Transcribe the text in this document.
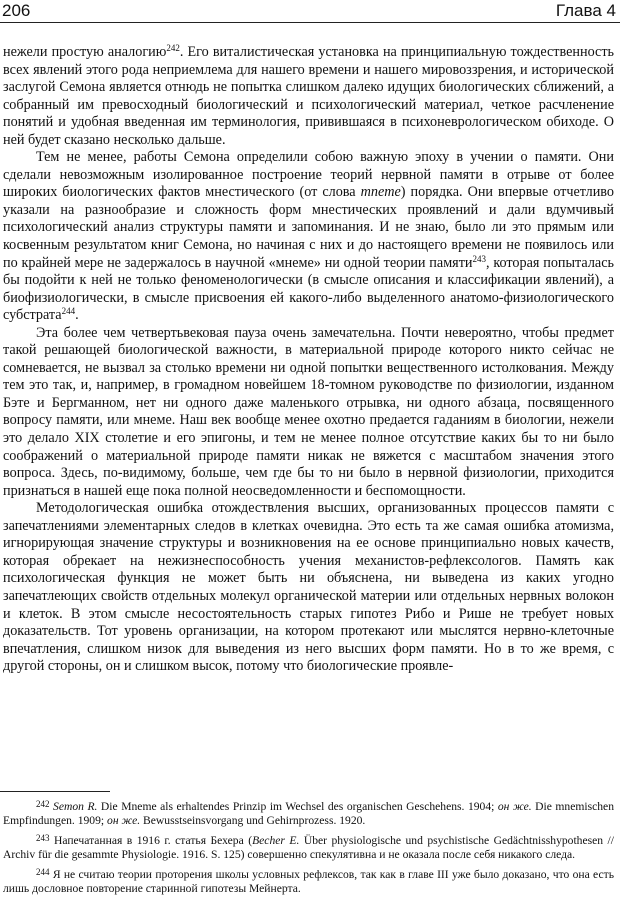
206	Глава 4

нежели простую аналогию$^{242}$. Его виталистическая установка на принципиальную тождественность всех явлений этого рода неприемлема для нашего времени и нашего мировоззрения, и исторической заслугой Семона является отнюдь не попытка слишком далеко идущих биологических сближений, а собранный им превосходный биологический и психологический материал, четкое расчленение понятий и удобная введенная им терминология, привившаяся в психоневрологическом обиходе. О ней будет сказано несколько дальше.

Тем не менее, работы Семона определили собою важную эпоху в учении о памяти. Они сделали невозможным изолированное построение теорий нервной памяти в отрыве от более широких биологических фактов мнестического (от слова mneme) порядка. Они впервые отчетливо указали на разнообразие и сложность форм мнестических проявлений и дали вдумчивый психологический анализ структуры памяти и запоминания. И не знаю, было ли это прямым или косвенным результатом книг Семона, но начиная с них и до настоящего времени не появилось или по крайней мере не задержалось в научной «мнеме» ни одной теории памяти$^{243}$, которая попыталась бы подойти к ней не только феноменологически (в смысле описания и классификации явлений), а биофизиологически, в смысле присвоения ей какого-либо выделенного анатомо-физиологического субстрата$^{244}$.

Эта более чем четвертьвековая пауза очень замечательна. Почти невероятно, чтобы предмет такой решающей биологической важности, в материальной природе которого никто сейчас не сомневается, не вызвал за столько времени ни одной попытки вещественного истолкования. Между тем это так, и, например, в громадном новейшем 18-томном руководстве по физиологии, изданном Бэте и Бергманном, нет ни одного даже маленького отрывка, ни одного абзаца, посвященного вопросу памяти, или мнеме. Наш век вообще менее охотно предается гаданиям в биологии, нежели это делало XIX столетие и его эпигоны, и тем не менее полное отсутствие каких бы то ни было соображений о материальной природе памяти никак не вяжется с масштабом значения этого вопроса. Здесь, по-видимому, больше, чем где бы то ни было в нервной физиологии, приходится признаться в нашей еще пока полной неосведомленности и беспомощности.

Методологическая ошибка отождествления высших, организованных процессов памяти с запечатлениями элементарных следов в клетках очевидна. Это есть та же самая ошибка атомизма, игнорирующая значение структуры и возникновения на ее основе принципиально новых качеств, которая обрекает на нежизнеспособность учения механистов-рефлексологов. Память как психологическая функция не может быть ни объяснена, ни выведена из каких угодно запечатлеющих свойств отдельных молекул органической материи или отдельных нервных волокон и клеток. В этом смысле несостоятельность старых гипотез Рибо и Рише не требует новых доказательств. Тот уровень организации, на котором протекают или мыслятся нервно-клеточные впечатления, слишком низок для выведения из него высших форм памяти. Но в то же время, с другой стороны, он и слишком высок, потому что биологические проявле-

$^{242}$ Semon R. Die Mneme als erhaltendes Prinzip im Wechsel des organischen Geschehens. 1904; он же. Die mnemischen Empfindungen. 1909; он же. Bewusstseinsvorgang und Gehirnprozess. 1920.

$^{243}$ Напечатанная в 1916 г. статья Бехера (Becher E. Über physiologische und psychistische Gedächtnisshypothesen // Archiv für die gesammte Physiologie. 1916. S. 125) совершенно спекулятивна и не оказала после себя никакого следа.

$^{244}$ Я не считаю теории проторения школы условных рефлексов, так как в главе III уже было доказано, что она есть лишь дословное повторение старинной гипотезы Мейнерта.
